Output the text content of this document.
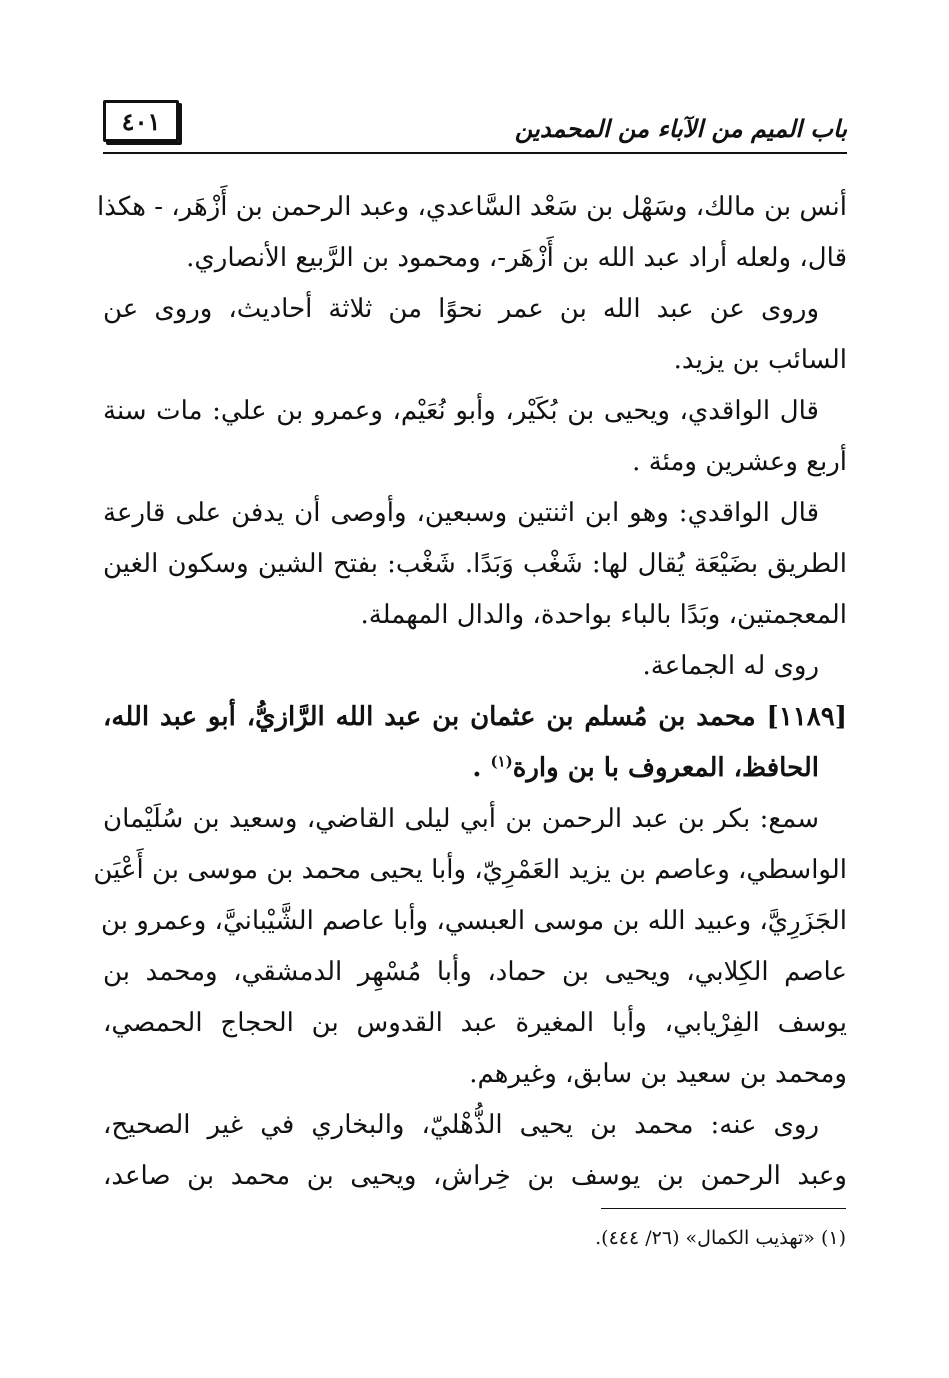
باب الميم من الآباء من المحمدين
٤٠١

أنس بن مالك، وسَهْل بن سَعْد السَّاعدي، وعبد الرحمن بن أَزْهَر، - هكذا
قال، ولعله أراد عبد الله بن أَزْهَر-، ومحمود بن الرَّبيع الأنصاري.

وروى عن عبد الله بن عمر نحوًا من ثلاثة أحاديث، وروى عن
السائب بن يزيد.

قال الواقدي، ويحيى بن بُكَيْر، وأبو نُعَيْم، وعمرو بن علي: مات سنة
أربع وعشرين ومئة .

قال الواقدي: وهو ابن اثنتين وسبعين، وأوصى أن يدفن على قارعة
الطريق بضَيْعَة يُقال لها: شَغْب وَبَدًا. شَغْب: بفتح الشين وسكون الغين
المعجمتين، وبَدًا بالباء بواحدة، والدال المهملة.

روى له الجماعة.

[١١٨٩] محمد بن مُسلم بن عثمان بن عبد الله الرَّازيُّ، أبو عبد الله،
الحافظ، المعروف با بن وارة$^{(١)}$ .

سمع: بكر بن عبد الرحمن بن أبي ليلى القاضي، وسعيد بن سُلَيْمان
الواسطي، وعاصم بن يزيد العَمْرِيّ، وأبا يحيى محمد بن موسى بن أَعْيَن
الجَزَرِيَّ، وعبيد الله بن موسى العبسي، وأبا عاصم الشَّيْبانيَّ، وعمرو بن
عاصم الكِلابي، ويحيى بن حماد، وأبا مُسْهِر الدمشقي، ومحمد بن
يوسف الفِرْيابي، وأبا المغيرة عبد القدوس بن الحجاج الحمصي،
ومحمد بن سعيد بن سابق، وغيرهم.

روى عنه: محمد بن يحيى الذُّهْليّ، والبخاري في غير الصحيح،
وعبد الرحمن بن يوسف بن خِراش، ويحيى بن محمد بن صاعد،

(١) «تهذيب الكمال» (٢٦/ ٤٤٤).
